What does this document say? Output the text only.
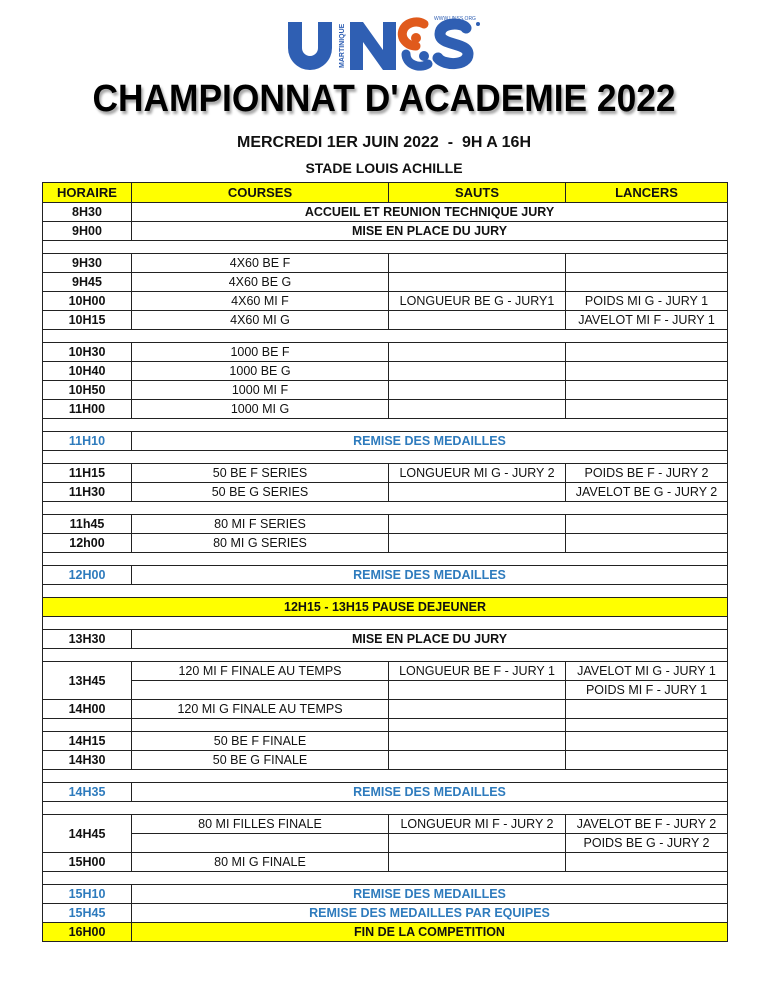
MARTINIQUE
WWW.UNSS.ORG
CHAMPIONNAT D'ACADEMIE 2022
MERCREDI 1ER JUIN 2022  -  9H A 16H
STADE LOUIS ACHILLE
HORAIRE	COURSES	SAUTS	LANCERS
8H30	ACCUEIL ET REUNION TECHNIQUE JURY		
9H00	MISE EN PLACE DU JURY		

9H30	4X60 BE F		
9H45	4X60 BE G		
10H00	4X60 MI F	LONGUEUR BE G - JURY1	POIDS MI G - JURY 1
10H15	4X60 MI G		JAVELOT MI F - JURY 1

10H30	1000 BE F		
10H40	1000 BE G		
10H50	1000 MI F		
11H00	1000 MI G		

11H10	REMISE DES MEDAILLES		

11H15	50 BE F SERIES	LONGUEUR MI G - JURY 2	POIDS BE F - JURY 2
11H30	50 BE G SERIES		JAVELOT BE G - JURY 2

11h45	80 MI F SERIES		
12h00	80 MI G SERIES		

12H00	REMISE DES MEDAILLES		

12H15 - 13H15 PAUSE DEJEUNER			

13H30	MISE EN PLACE DU JURY		

13H45	120 MI F FINALE AU TEMPS	LONGUEUR BE F - JURY 1	JAVELOT MI G - JURY 1
			POIDS MI F - JURY 1
14H00	120 MI G FINALE AU TEMPS		

14H15	50 BE F FINALE		
14H30	50 BE G FINALE		

14H35	REMISE DES MEDAILLES		

14H45	80 MI FILLES FINALE	LONGUEUR MI F - JURY 2	JAVELOT BE F - JURY 2
			POIDS BE G - JURY 2
15H00	80 MI G FINALE		

15H10	REMISE DES MEDAILLES		
15H45	REMISE DES MEDAILLES PAR EQUIPES		
16H00	FIN DE LA COMPETITION		
